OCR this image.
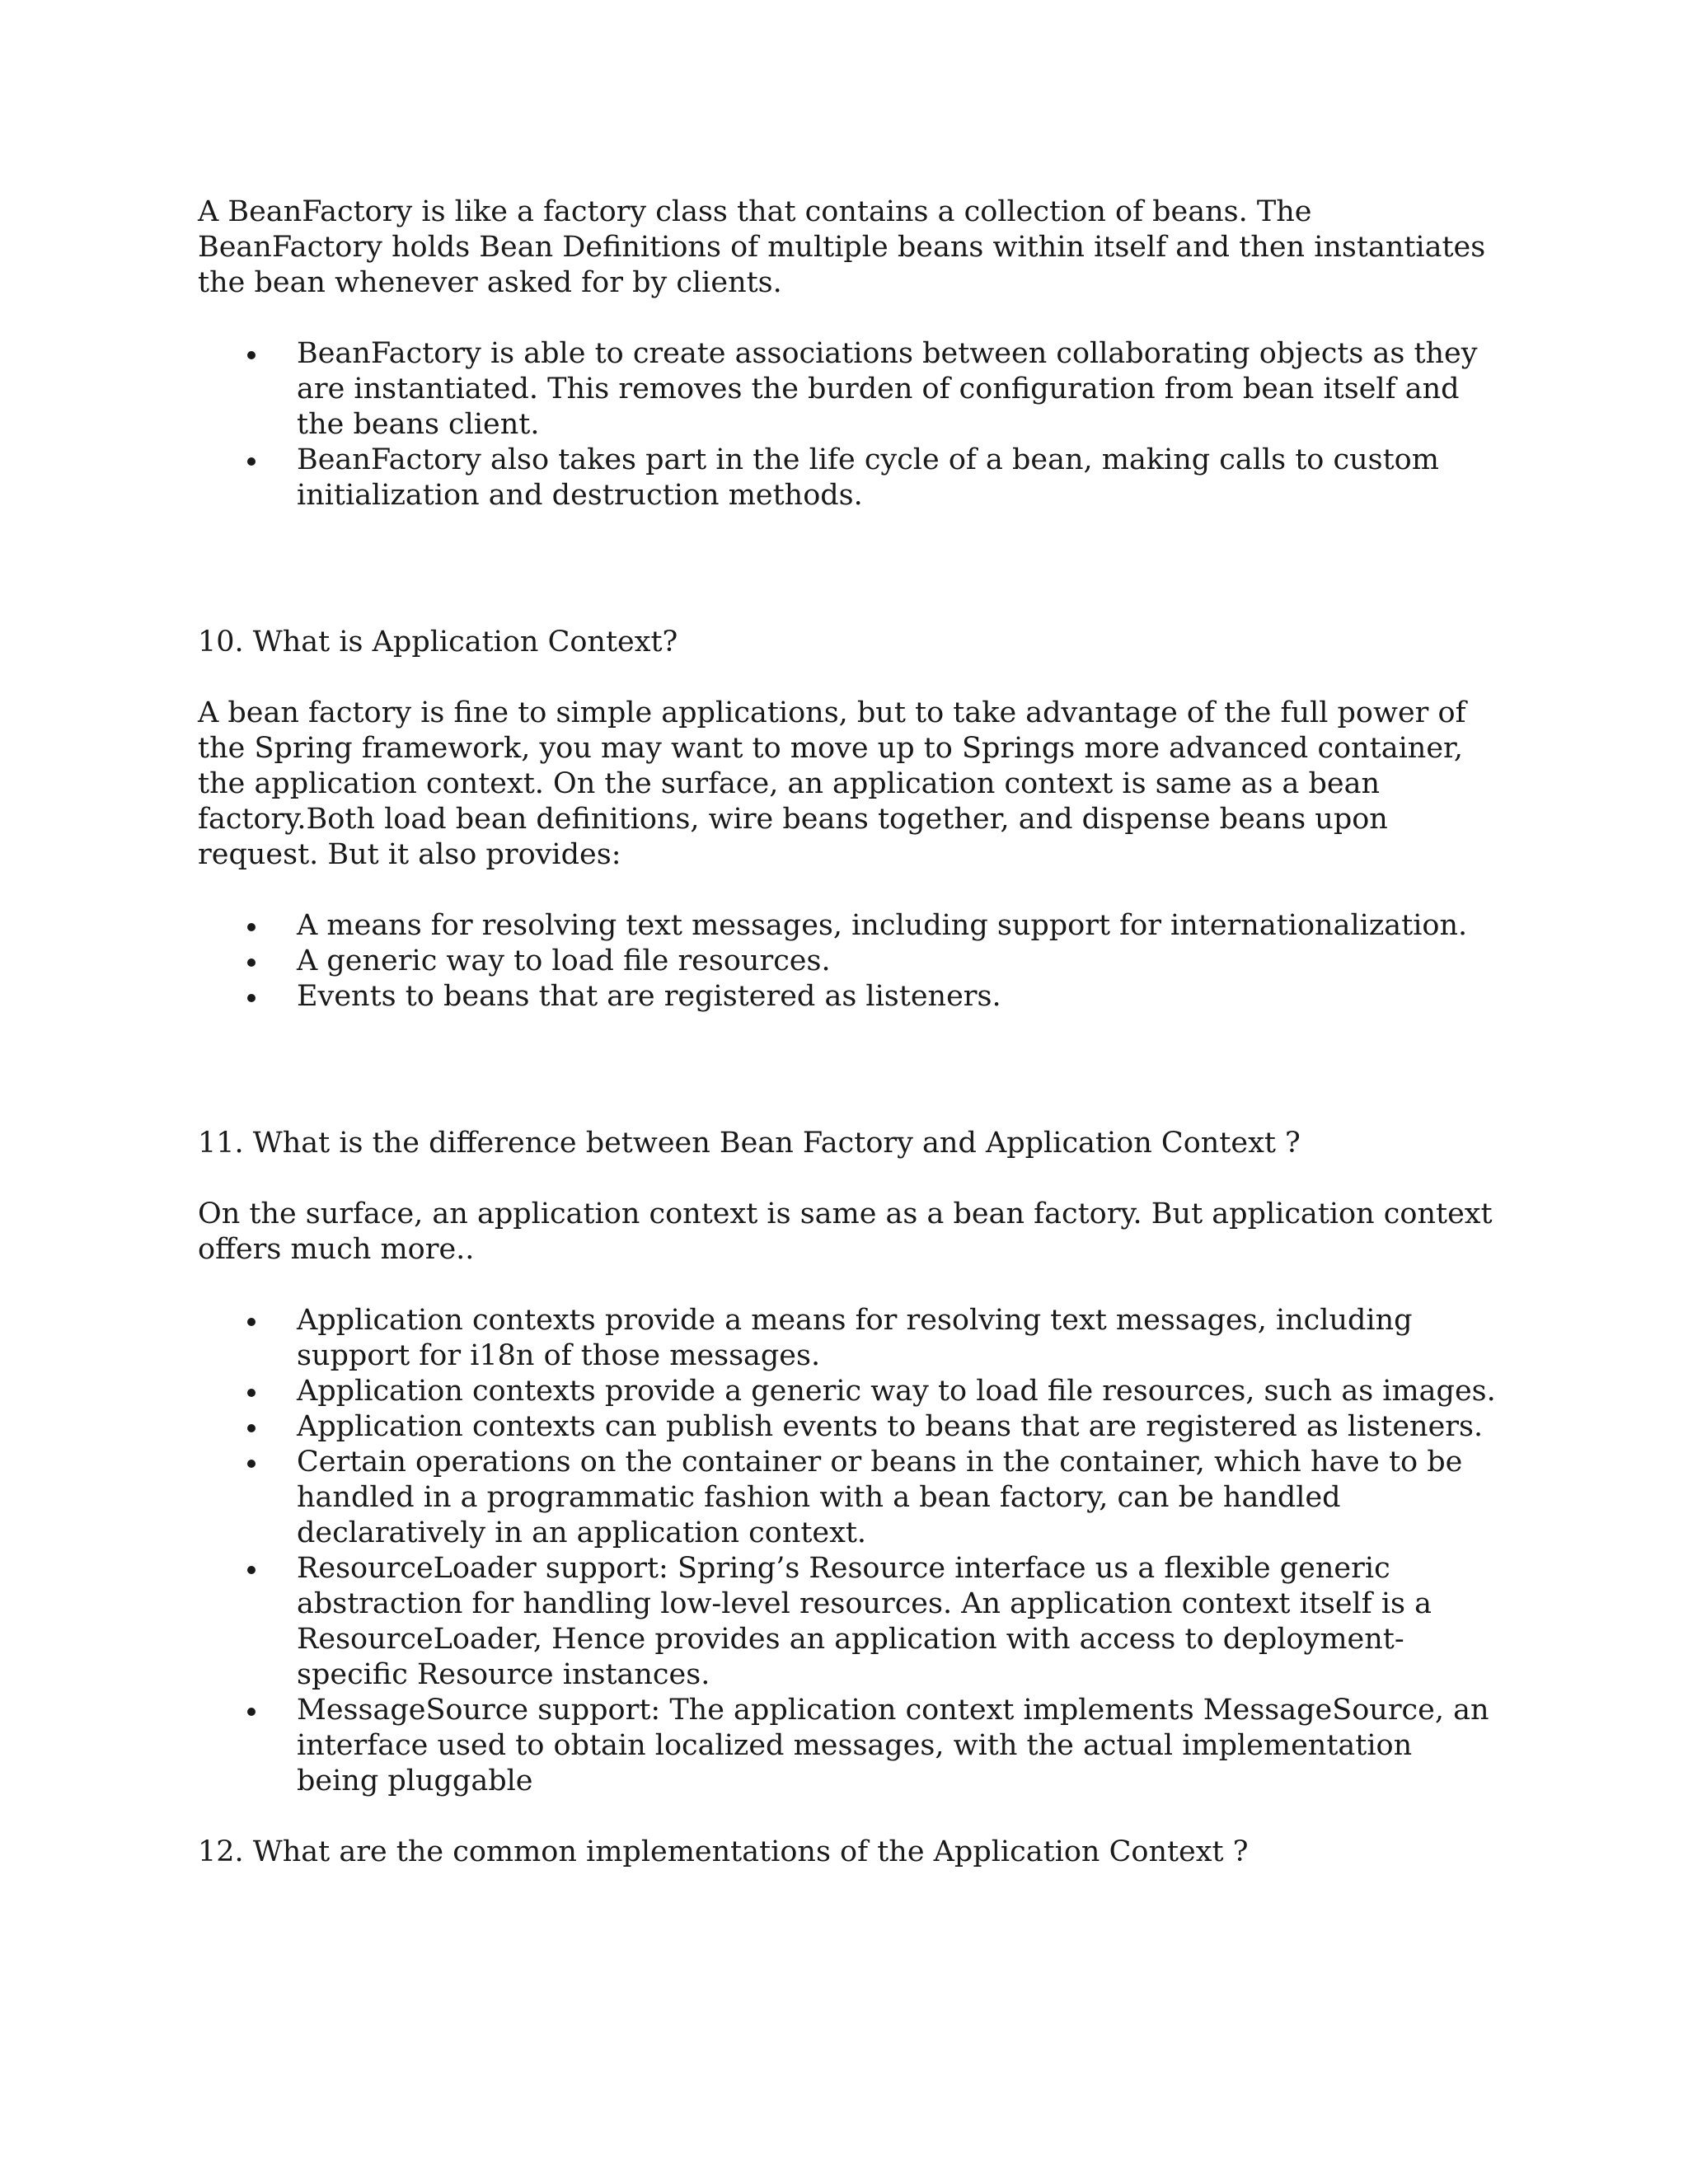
A BeanFactory is like a factory class that contains a collection of beans. The BeanFactory holds Bean Definitions of multiple beans within itself and then instantiates the bean whenever asked for by clients.

BeanFactory is able to create associations between collaborating objects as they are instantiated. This removes the burden of configuration from bean itself and the beans client.
BeanFactory also takes part in the life cycle of a bean, making calls to custom initialization and destruction methods.

10. What is Application Context?

A bean factory is fine to simple applications, but to take advantage of the full power of the Spring framework, you may want to move up to Springs more advanced container, the application context. On the surface, an application context is same as a bean factory.Both load bean definitions, wire beans together, and dispense beans upon request. But it also provides:

A means for resolving text messages, including support for internationalization.
A generic way to load file resources.
Events to beans that are registered as listeners.

11. What is the difference between Bean Factory and Application Context ?

On the surface, an application context is same as a bean factory. But application context offers much more..

Application contexts provide a means for resolving text messages, including support for i18n of those messages.
Application contexts provide a generic way to load file resources, such as images.
Application contexts can publish events to beans that are registered as listeners.
Certain operations on the container or beans in the container, which have to be handled in a programmatic fashion with a bean factory, can be handled declaratively in an application context.
ResourceLoader support: Spring’s Resource interface us a flexible generic abstraction for handling low-level resources. An application context itself is a ResourceLoader, Hence provides an application with access to deployment-specific Resource instances.
MessageSource support: The application context implements MessageSource, an interface used to obtain localized messages, with the actual implementation being pluggable

12. What are the common implementations of the Application Context ?
